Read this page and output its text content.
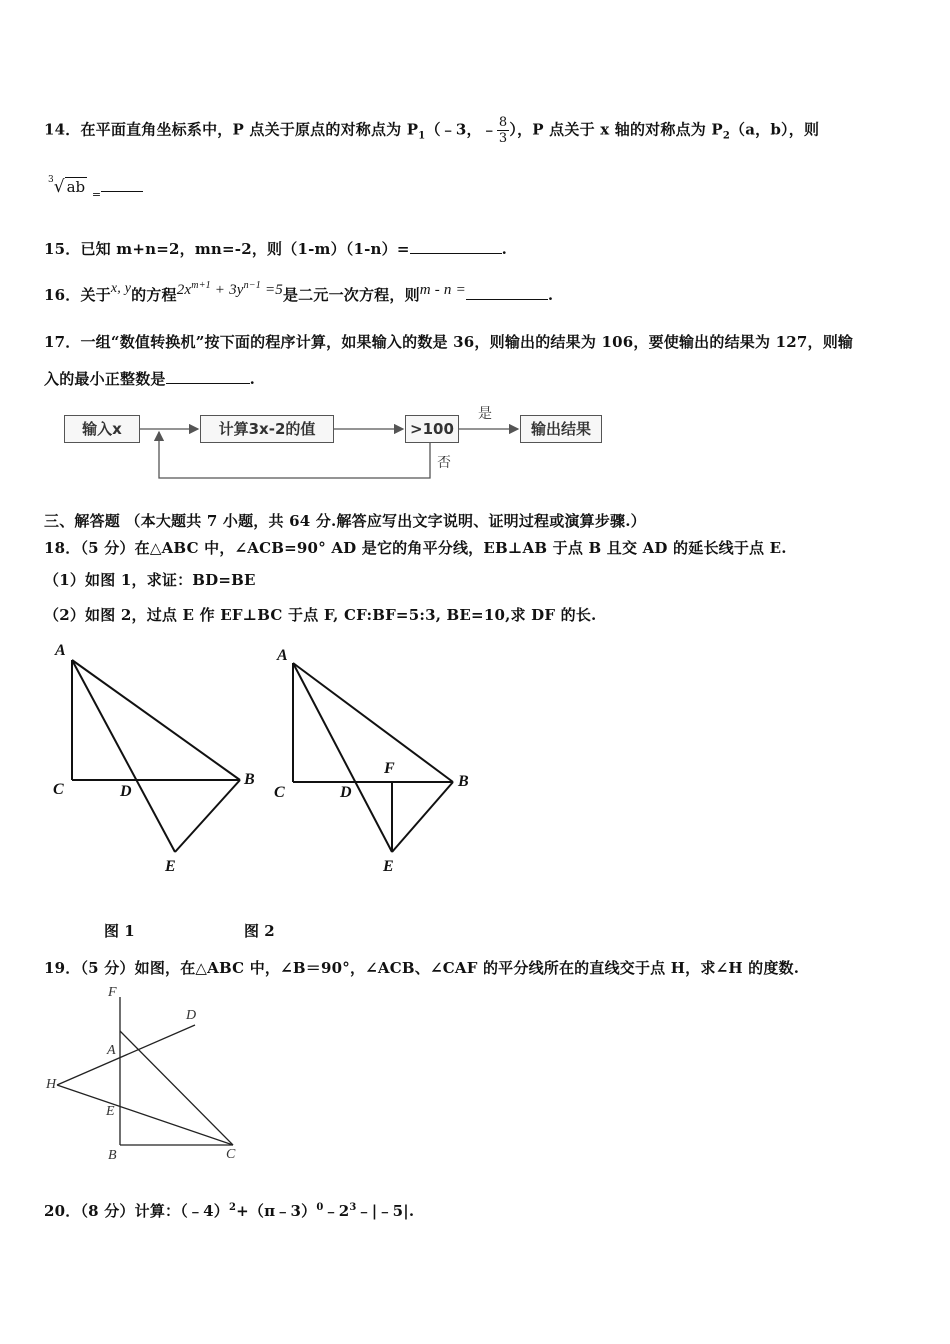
14．在平面直角坐标系中，P 点关于原点的对称点为 $P_1(﹣3$，﹣ $\frac{8}{3}$ ），P 点关于 x 轴的对称点为 $P_2(a$，b），则
$^3$√ ab $_=$
15．已知 m+n=2，mn=-2，则（1-m）（1-n）=	.
16．关于x, y的方程$2x^{m+1} + 3y^{n-1} =5$是二元一次方程，则m - n =	.
17．一组“数值转换机”按下面的程序计算，如果输入的数是 36，则输出的结果为 106，要使输出的结果为 127，则输
入的最小正整数是	.
输入x	计算3x-2的值	>100	输出结果
是
否
三、解答题 （本大题共 7 小题，共 64 分.解答应写出文字说明、证明过程或演算步骤.）
18．（5 分）在△ABC 中，∠ACB=90° AD 是它的角平分线，EB⊥AB 于点 B 且交 AD 的延长线于点 E.
（1）如图 1，求证：BD=BE
（2）如图 2，过点 E 作 EF⊥BC 于点 F, CF:BF=5:3, BE=10,求 DF 的长.
A
C	D
B
E
A
C	D
F
B
E
图 1	图 2
19．（5 分）如图，在△ABC 中，∠B＝90°，∠ACB、∠CAF 的平分线所在的直线交于点 H，求∠H 的度数.
F
D
A
H
E
B	C
20．（8 分）计算：$(﹣4)^2+(\pi﹣3)^0﹣2^3﹣|﹣5|$.
